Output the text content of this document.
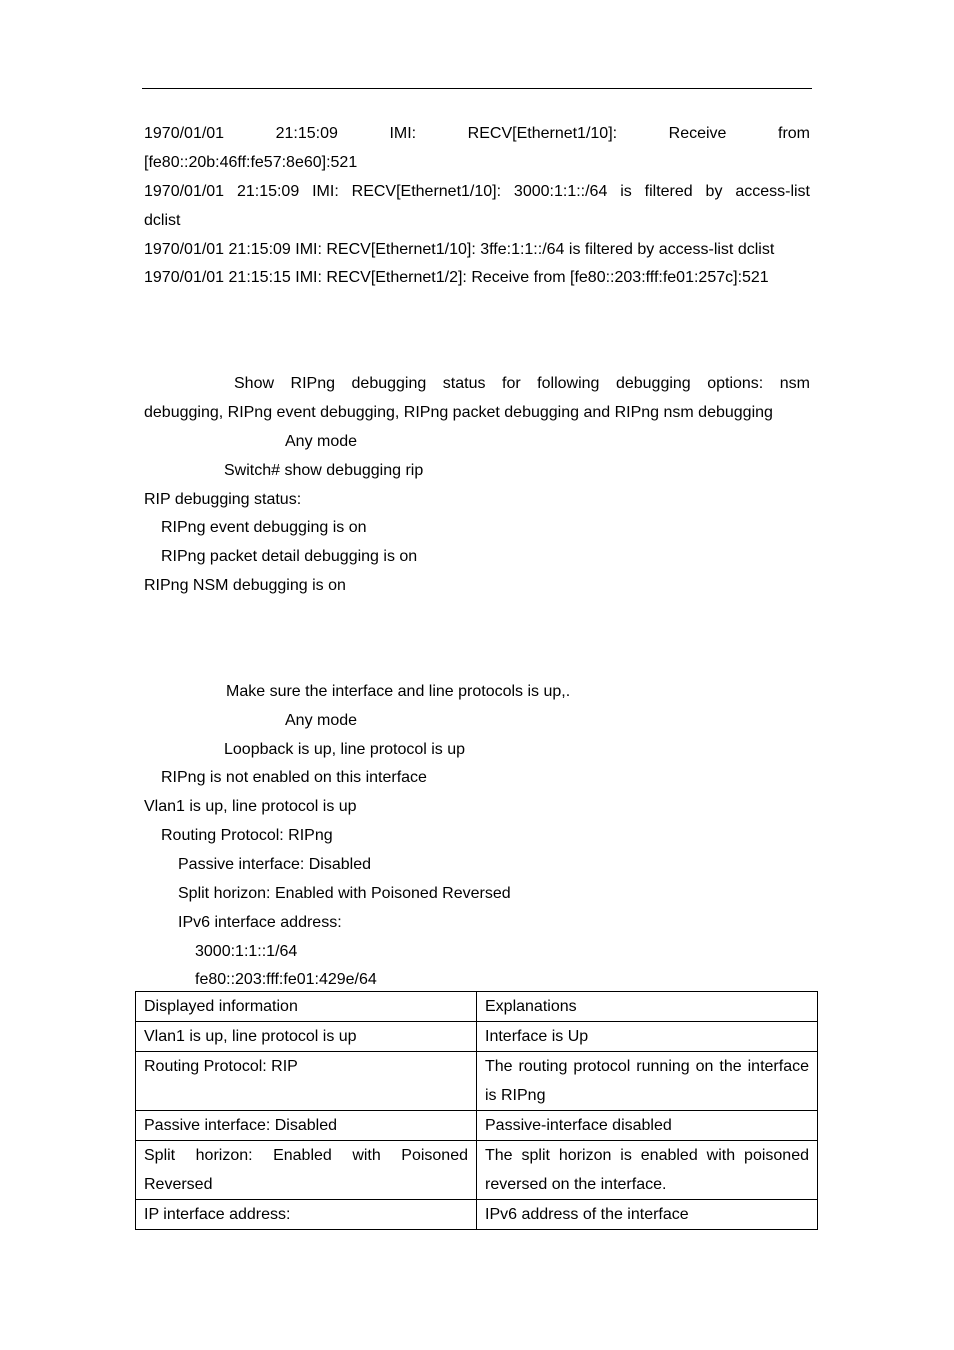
1970/01/01 21:15:09 IMI: RECV[Ethernet1/10]: Receive from
[fe80::20b:46ff:fe57:8e60]:521
1970/01/01 21:15:09 IMI: RECV[Ethernet1/10]: 3000:1:1::/64 is filtered by access-list
dclist
1970/01/01 21:15:09 IMI: RECV[Ethernet1/10]: 3ffe:1:1::/64 is filtered by access-list dclist
1970/01/01 21:15:15 IMI: RECV[Ethernet1/2]: Receive from [fe80::203:fff:fe01:257c]:521
Show RIPng debugging status for following debugging options: nsm
debugging, RIPng event debugging, RIPng packet debugging and RIPng nsm debugging
Any mode
Switch# show debugging rip
RIP debugging status:
RIPng event debugging is on
RIPng packet detail debugging is on
RIPng NSM debugging is on
Make sure the interface and line protocols is up,.
Any mode
Loopback is up, line protocol is up
RIPng is not enabled on this interface
Vlan1 is up, line protocol is up
Routing Protocol: RIPng
Passive interface: Disabled
Split horizon: Enabled with Poisoned Reversed
IPv6 interface address:
3000:1:1::1/64
fe80::203:fff:fe01:429e/64
Displayed information	Explanations
Vlan1 is up, line protocol is up	Interface is Up
Routing Protocol: RIP	The routing protocol running on the interface is RIPng
Passive interface: Disabled	Passive-interface disabled
Split horizon: Enabled with Poisoned Reversed	The split horizon is enabled with poisoned reversed on the interface.
IP interface address:	IPv6 address of the interface
